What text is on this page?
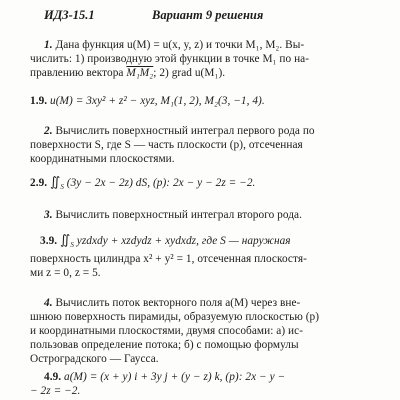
ИДЗ-15.1	Вариант 9 решения
1. Дана функция u(M) = u(x, y, z) и точки M₁, M₂. Вы-
числить: 1) производную этой функции в точке M₁ по на-
правлению вектора M₁M₂; 2) grad u(M₁).
1.9. u(M) = 3xy² + z² − xyz, M₁(1, 2), M₂(3, −1, 4).
2. Вычислить поверхностный интеграл первого рода по
поверхности S, где S — часть плоскости (p), отсеченная
координатными плоскостями.
2.9. $∬_S$ (3y − 2x − 2z) dS, (p): 2x − y − 2z = −2.
3. Вычислить поверхностный интеграл второго рода.
3.9. $∬_S$ yzdxdy + xzdydz + xydxdz, где S — наружная
поверхность цилиндра x² + y² = 1, отсеченная плоскостя-
ми z = 0, z = 5.
4. Вычислить поток векторного поля a(M) через вне-
шнюю поверхность пирамиды, образуемую плоскостью (p)
и координатными плоскостями, двумя способами: а) ис-
пользовав определение потока; б) с помощью формулы
Остроградского — Гаусса.
4.9. a(M) = (x + y) i + 3y j + (y − z) k, (p): 2x − y −
− 2z = −2.
